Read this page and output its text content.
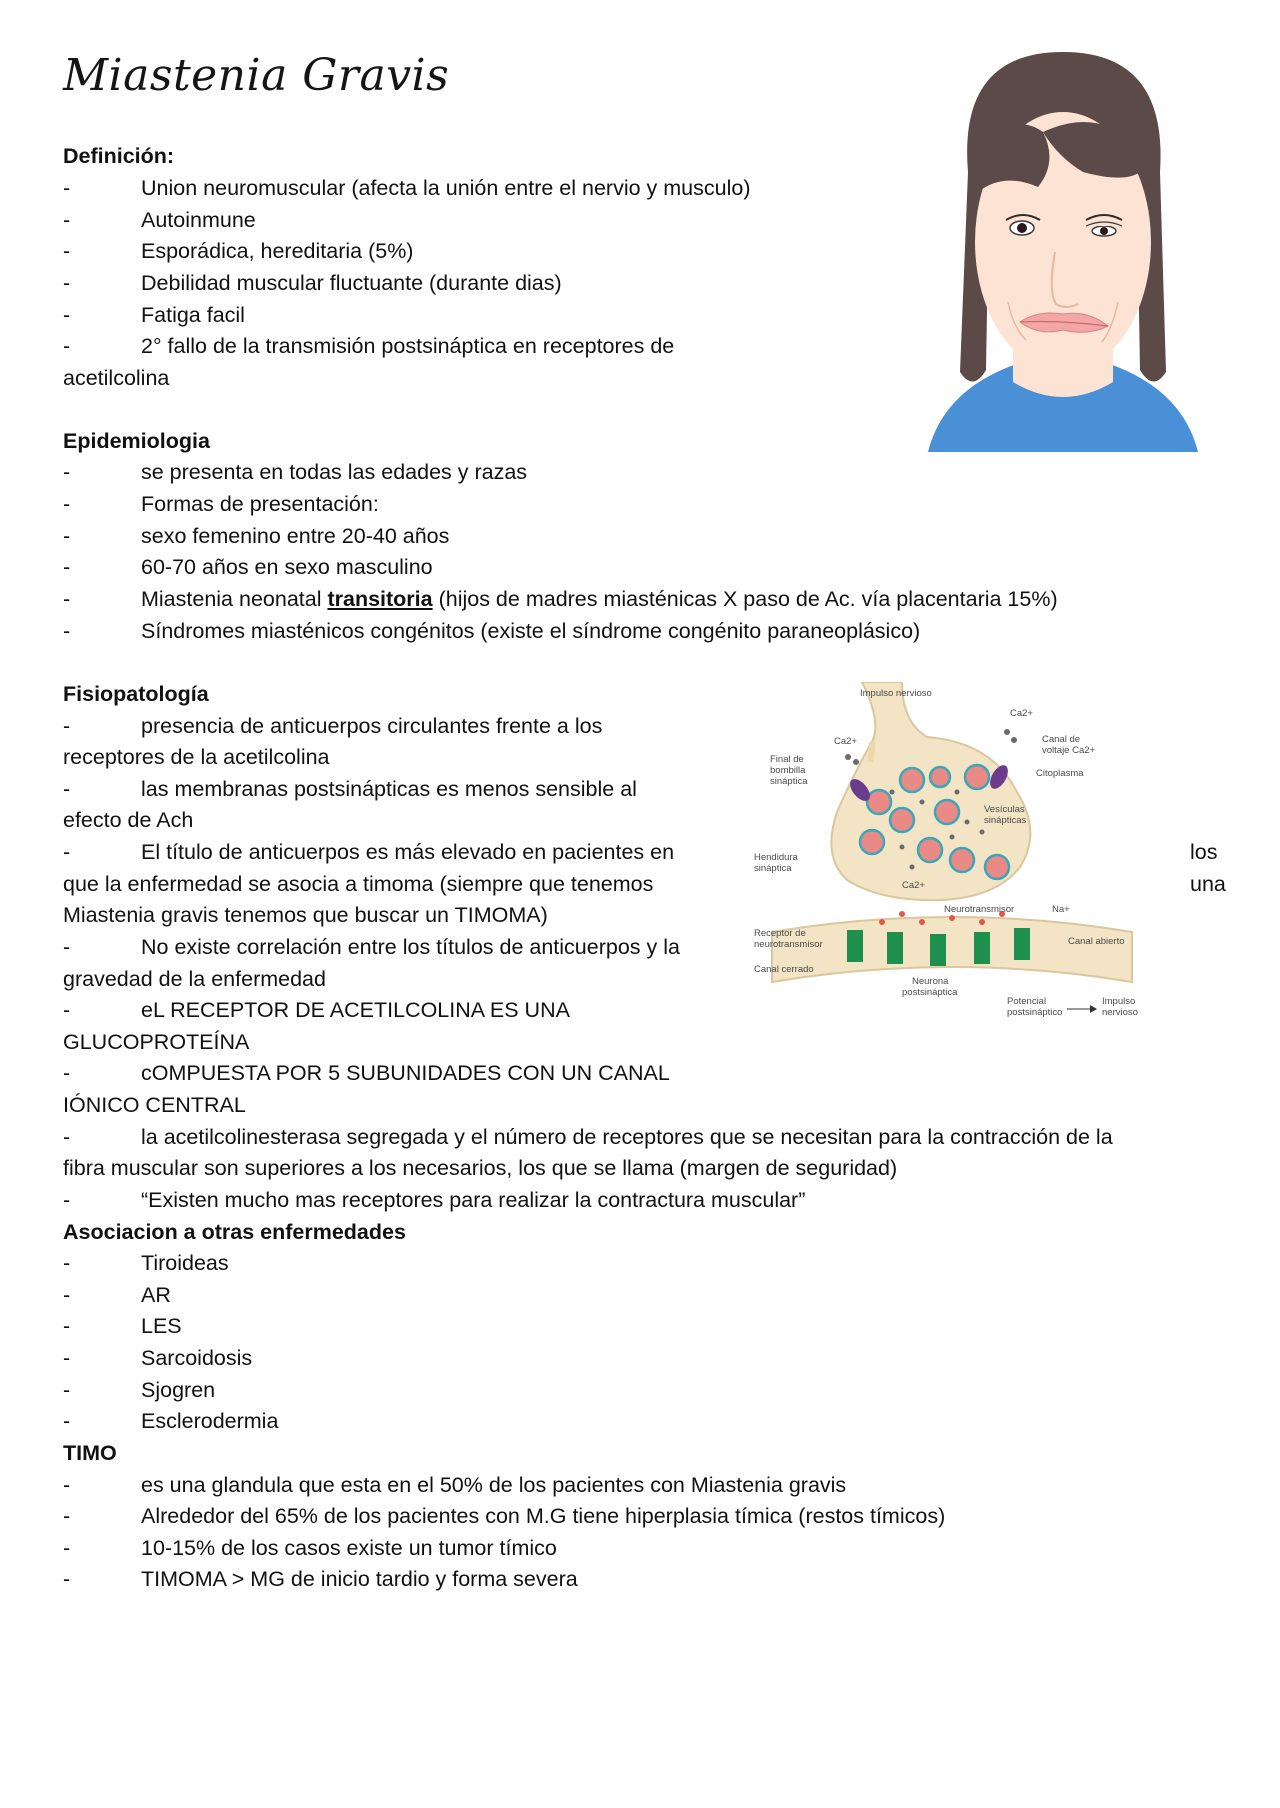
Miastenia Gravis
Impulso nervioso
Ca2+
Ca2+	Canal de
voltaje Ca2+
Final de
bombilla
sináptica
Citoplasma
Vesículas
sinápticas
Hendidura
sináptica
Ca2+
Neurotransmisor	Na+
Receptor de
neurotransmisor	Canal abierto
Canal cerrado
Neurona
postsináptica
Potencial
postsináptico
Impulso
nervioso
Definición:
-	Union neuromuscular (afecta la unión entre el nervio y musculo)
-	Autoinmune
-	Esporádica, hereditaria (5%)
-	Debilidad muscular fluctuante (durante dias)
-	Fatiga facil
-	2° fallo de la transmisión postsináptica en receptores de
acetilcolina
Epidemiologia
-	se presenta en todas las edades y razas
-	Formas de presentación:
-	sexo femenino entre 20-40 años
-	60-70 años en sexo masculino
-	Miastenia neonatal transitoria (hijos de madres miasténicas X paso de Ac. vía placentaria 15%)
-	Síndromes miasténicos congénitos (existe el síndrome congénito paraneoplásico)
Fisiopatología
-	presencia de anticuerpos circulantes frente a los
receptores de la acetilcolina
-	las membranas postsinápticas es menos sensible al
efecto de Ach
-	El título de anticuerpos es más elevado en pacientes en	los
que la enfermedad se asocia a timoma (siempre que tenemos	una
Miastenia gravis tenemos que buscar un TIMOMA)
-	No existe correlación entre los títulos de anticuerpos y la
gravedad de la enfermedad
-	eL RECEPTOR DE ACETILCOLINA ES UNA
GLUCOPROTEÍNA
-	cOMPUESTA POR 5 SUBUNIDADES CON UN CANAL
IÓNICO CENTRAL
-	la acetilcolinesterasa segregada y el número de receptores que se necesitan para la contracción de la
fibra muscular son superiores a los necesarios, los que se llama (margen de seguridad)
-	“Existen mucho mas receptores para realizar la contractura muscular”
Asociacion a otras enfermedades
-	Tiroideas
-	AR
-	LES
-	Sarcoidosis
-	Sjogren
-	Esclerodermia
TIMO
-	es una glandula que esta en el 50% de los pacientes con Miastenia gravis
-	Alrededor del 65% de los pacientes con M.G tiene hiperplasia tímica (restos tímicos)
-	10-15% de los casos existe un tumor tímico
-	TIMOMA > MG de inicio tardio y forma severa
